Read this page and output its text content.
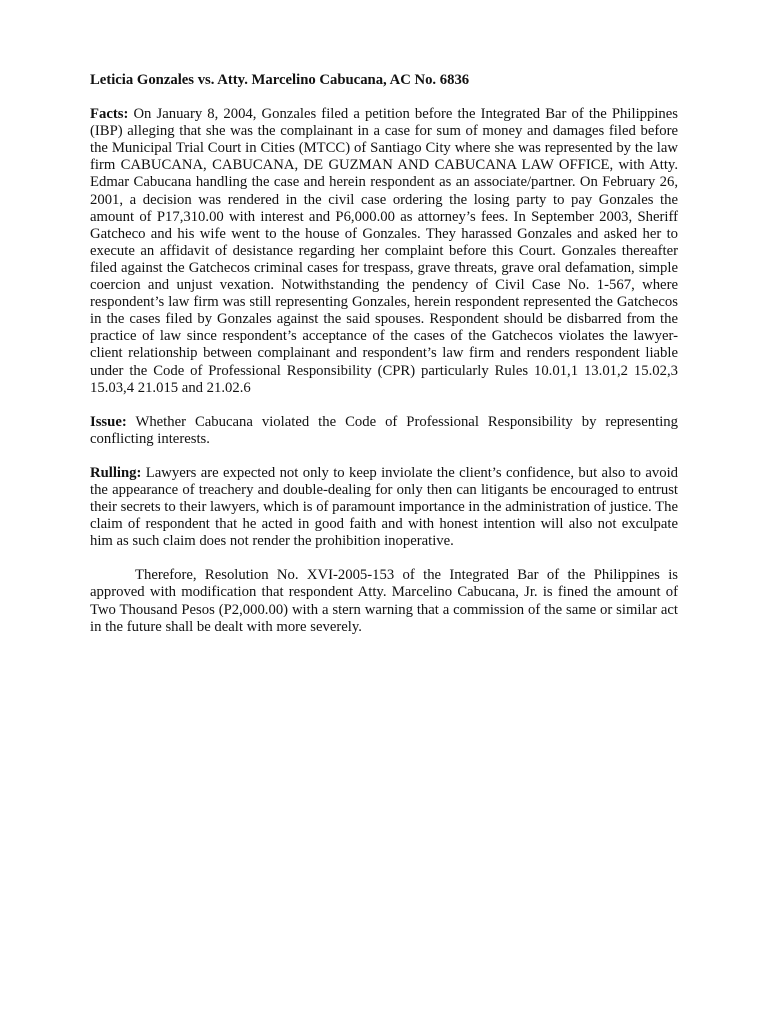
Leticia Gonzales vs. Atty. Marcelino Cabucana, AC No. 6836

Facts: On January 8, 2004, Gonzales filed a petition before the Integrated Bar of the Philippines (IBP) alleging that she was the complainant in a case for sum of money and damages filed before the Municipal Trial Court in Cities (MTCC) of Santiago City where she was represented by the law firm CABUCANA, CABUCANA, DE GUZMAN AND CABUCANA LAW OFFICE, with Atty. Edmar Cabucana handling the case and herein respondent as an associate/partner. On February 26, 2001, a decision was rendered in the civil case ordering the losing party to pay Gonzales the amount of P17,310.00 with interest and P6,000.00 as attorney’s fees. In September 2003, Sheriff Gatcheco and his wife went to the house of Gonzales. They harassed Gonzales and asked her to execute an affidavit of desistance regarding her complaint before this Court. Gonzales thereafter filed against the Gatchecos criminal cases for trespass, grave threats, grave oral defamation, simple coercion and unjust vexation. Notwithstanding the pendency of Civil Case No. 1-567, where respondent’s law firm was still representing Gonzales, herein respondent represented the Gatchecos in the cases filed by Gonzales against the said spouses. Respondent should be disbarred from the practice of law since respondent’s acceptance of the cases of the Gatchecos violates the lawyer-client relationship between complainant and respondent’s law firm and renders respondent liable under the Code of Professional Responsibility (CPR) particularly Rules 10.01,1 13.01,2 15.02,3 15.03,4 21.015 and 21.02.6

Issue: Whether Cabucana violated the Code of Professional Responsibility by representing conflicting interests.

Rulling: Lawyers are expected not only to keep inviolate the client’s confidence, but also to avoid the appearance of treachery and double-dealing for only then can litigants be encouraged to entrust their secrets to their lawyers, which is of paramount importance in the administration of justice. The claim of respondent that he acted in good faith and with honest intention will also not exculpate him as such claim does not render the prohibition inoperative.

Therefore, Resolution No. XVI-2005-153 of the Integrated Bar of the Philippines is approved with modification that respondent Atty. Marcelino Cabucana, Jr. is fined the amount of Two Thousand Pesos (P2,000.00) with a stern warning that a commission of the same or similar act in the future shall be dealt with more severely.
